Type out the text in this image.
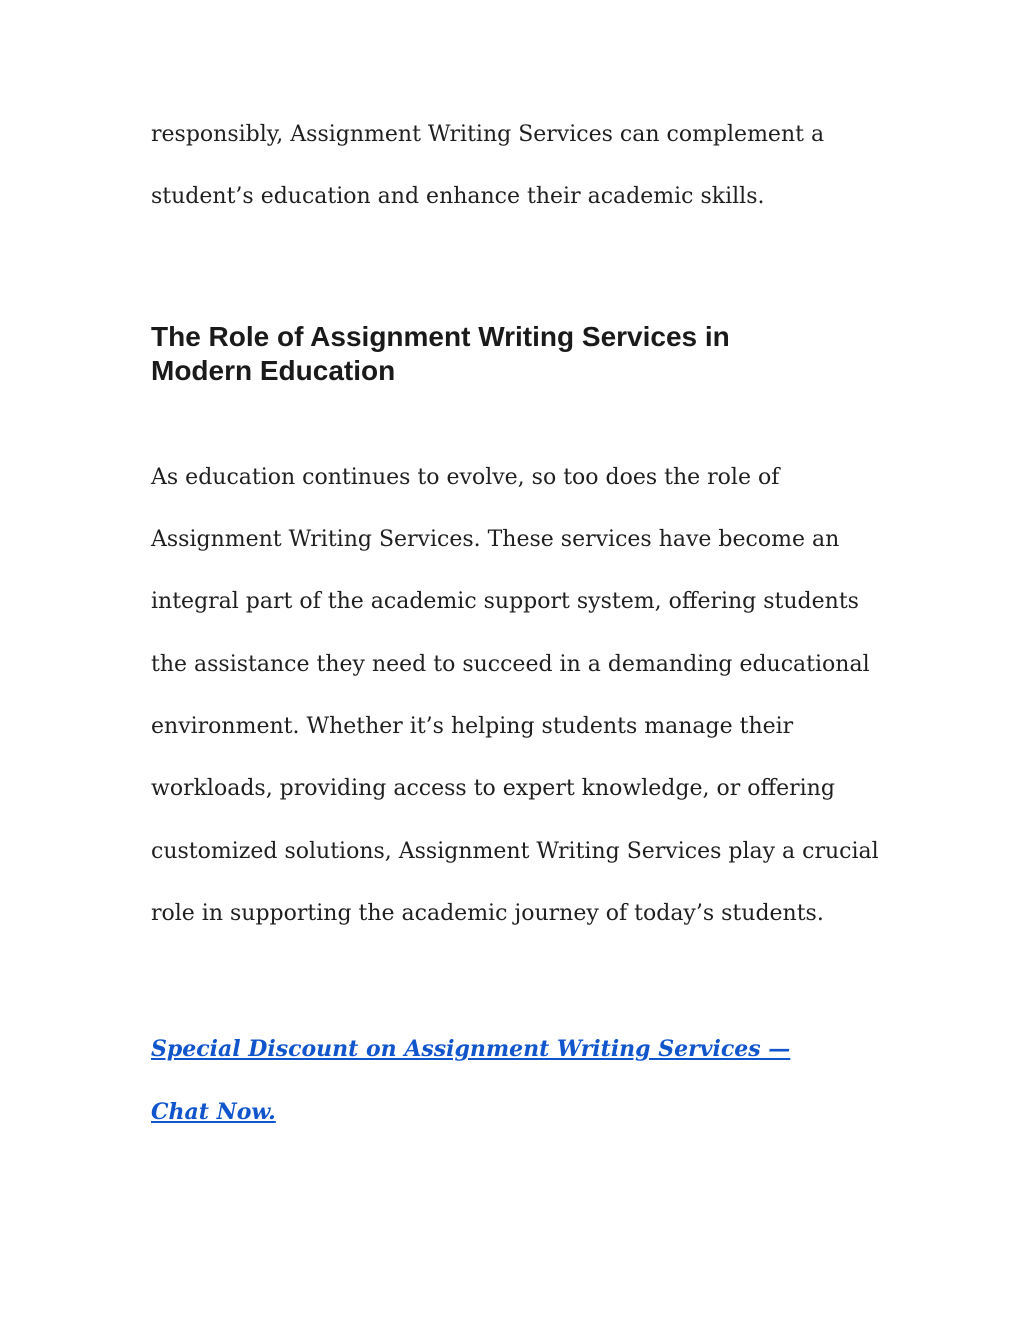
responsibly, Assignment Writing Services can complement a
student’s education and enhance their academic skills.
The Role of Assignment Writing Services in
Modern Education
As education continues to evolve, so too does the role of
Assignment Writing Services. These services have become an
integral part of the academic support system, offering students
the assistance they need to succeed in a demanding educational
environment. Whether it’s helping students manage their
workloads, providing access to expert knowledge, or offering
customized solutions, Assignment Writing Services play a crucial
role in supporting the academic journey of today’s students.
Special Discount on Assignment Writing Services —
Chat Now.
